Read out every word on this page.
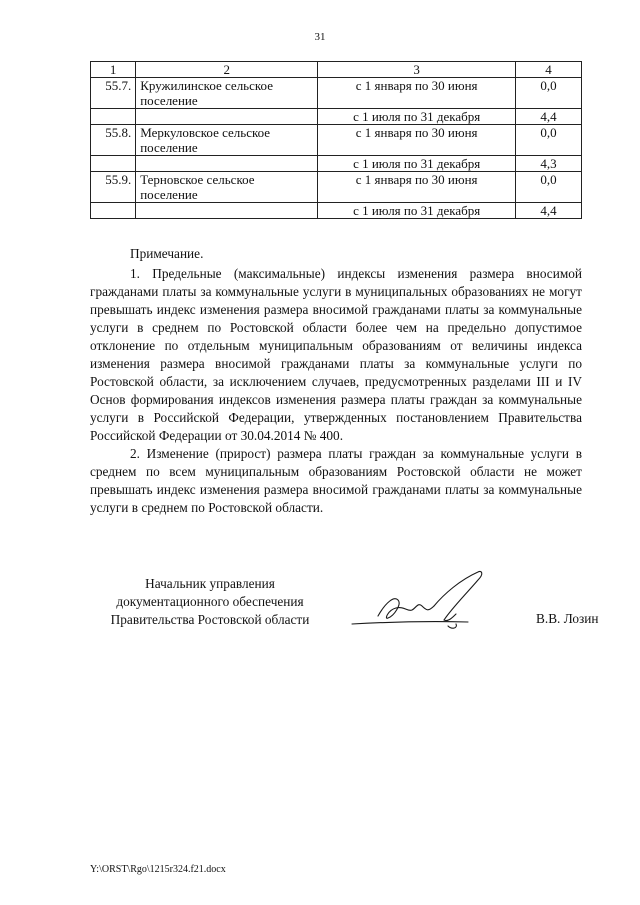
31
1	2	3	4
55.7.	Кружилинское сельское поселение	с 1 января по 30 июня	0,0
		с 1 июля по 31 декабря	4,4
55.8.	Меркуловское сельское поселение	с 1 января по 30 июня	0,0
		с 1 июля по 31 декабря	4,3
55.9.	Терновское сельское поселение	с 1 января по 30 июня	0,0
		с 1 июля по 31 декабря	4,4
Примечание.

1. Предельные (максимальные) индексы изменения размера вносимой гражданами платы за коммунальные услуги в муниципальных образованиях не могут превышать индекс изменения размера вносимой гражданами платы за коммунальные услуги в среднем по Ростовской области более чем на предельно допустимое отклонение по отдельным муниципальным образованиям от величины индекса изменения размера вносимой гражданами платы за коммунальные услуги по Ростовской области, за исключением случаев, предусмотренных разделами III и IV Основ формирования индексов изменения размера платы граждан за коммунальные услуги в Российской Федерации, утвержденных постановлением Правительства Российской Федерации от 30.04.2014 № 400.

2. Изменение (прирост) размера платы граждан за коммунальные услуги в среднем по всем муниципальным образованиям Ростовской области не может превышать индекс изменения размера вносимой гражданами платы за коммунальные услуги в среднем по Ростовской области.

Начальник управления
документационного обеспечения
Правительства Ростовской области	В.В. Лозин
Y:\ORST\Rgo\1215r324.f21.docx
